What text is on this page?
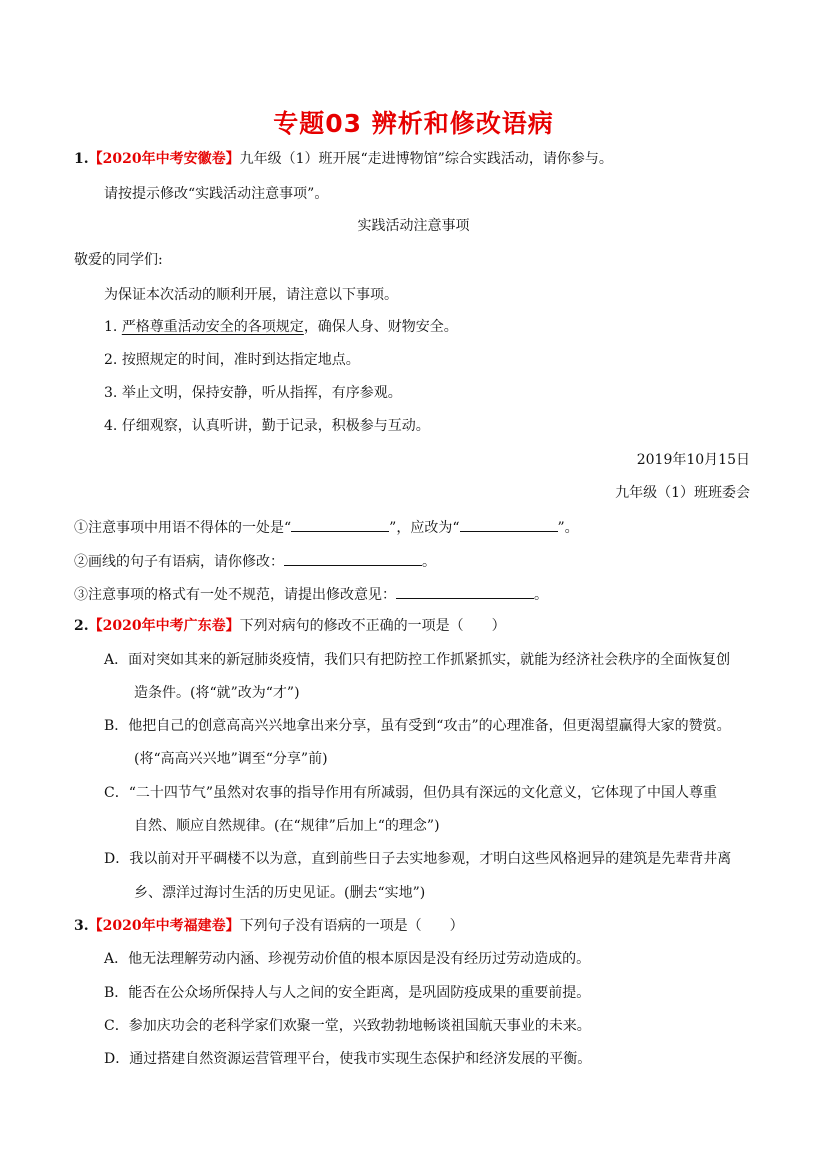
专题03 辨析和修改语病
1.【2020年中考安徽卷】九年级（1）班开展“走进博物馆”综合实践活动，请你参与。
请按提示修改“实践活动注意事项”。
实践活动注意事项
敬爱的同学们:
为保证本次活动的顺利开展，请注意以下事项。
1. 严格尊重活动安全的各项规定，确保人身、财物安全。
2. 按照规定的时间，准时到达指定地点。
3. 举止文明，保持安静，听从指挥，有序参观。
4. 仔细观察，认真听讲，勤于记录，积极参与互动。
2019年10月15日
九年级（1）班班委会
①注意事项中用语不得体的一处是“	”，应改为“	”。
②画线的句子有语病，请你修改：	。
③注意事项的格式有一处不规范，请提出修改意见：	。
2.【2020年中考广东卷】下列对病句的修改不正确的一项是（　　）
A．面对突如其来的新冠肺炎疫情，我们只有把防控工作抓紧抓实，就能为经济社会秩序的全面恢复创
造条件。(将“就”改为“才”)
B．他把自己的创意高高兴兴地拿出来分享，虽有受到“攻击”的心理准备，但更渴望赢得大家的赞赏。
(将“高高兴兴地”调至“分享”前)
C．“二十四节气”虽然对农事的指导作用有所减弱，但仍具有深远的文化意义，它体现了中国人尊重
自然、顺应自然规律。(在“规律”后加上“的理念”)
D．我以前对开平碉楼不以为意，直到前些日子去实地参观，才明白这些风格迥异的建筑是先辈背井离
乡、漂洋过海讨生活的历史见证。(删去“实地”)
3.【2020年中考福建卷】下列句子没有语病的一项是（　　）
A．他无法理解劳动内涵、珍视劳动价值的根本原因是没有经历过劳动造成的。
B．能否在公众场所保持人与人之间的安全距离，是巩固防疫成果的重要前提。
C．参加庆功会的老科学家们欢聚一堂，兴致勃勃地畅谈祖国航天事业的未来。
D．通过搭建自然资源运营管理平台，使我市实现生态保护和经济发展的平衡。
